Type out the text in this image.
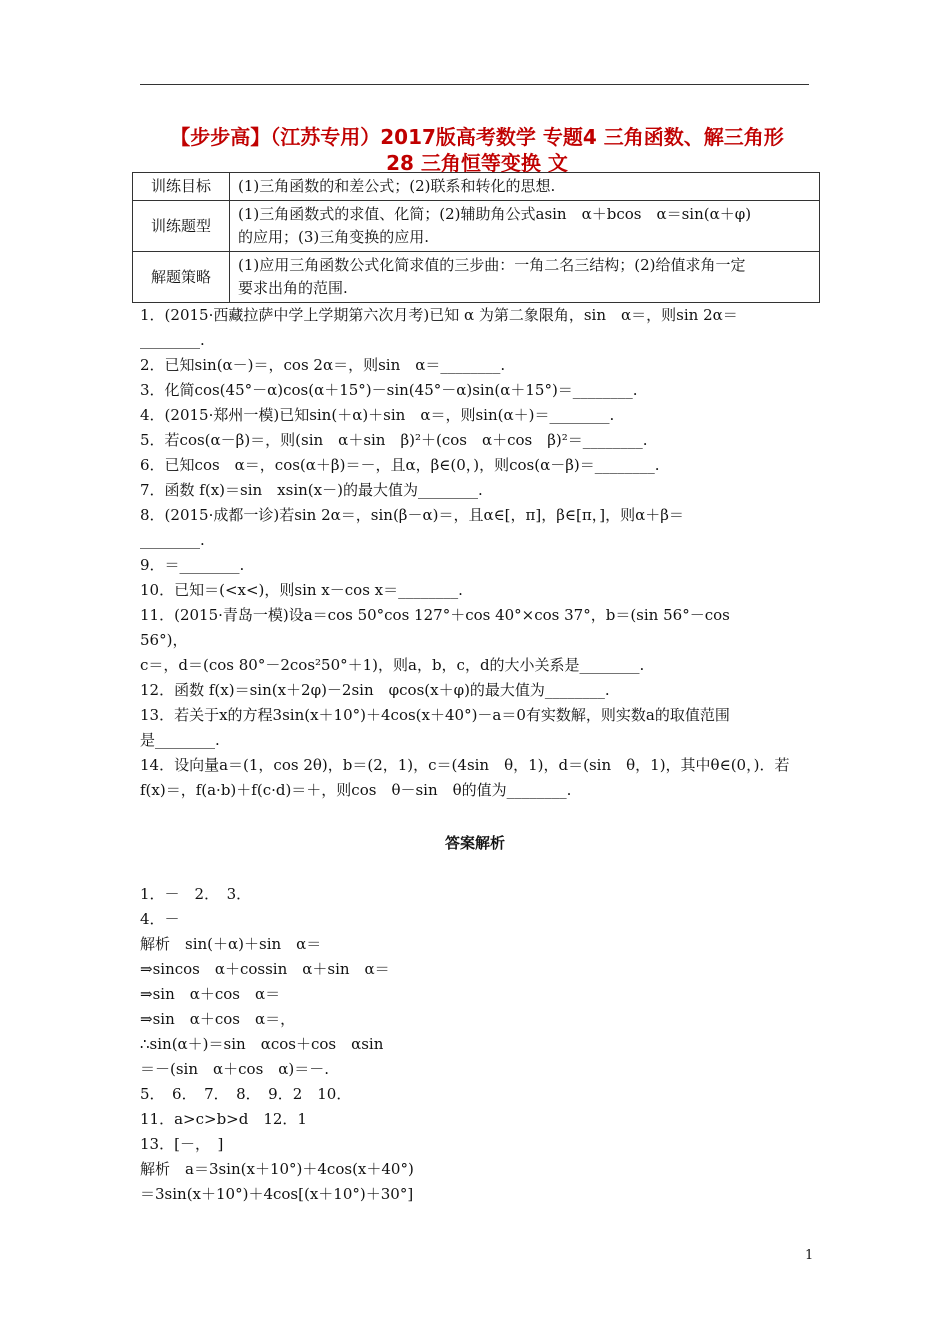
【步步高】（江苏专用）2017版高考数学 专题4 三角函数、解三角形
28 三角恒等变换 文
训练目标	(1)三角函数的和差公式；(2)联系和转化的思想.

训练题型	(1)三角函数式的求值、化简；(2)辅助角公式asin　α＋bcos　α＝sin(α＋φ)
的应用；(3)三角变换的应用.

解题策略	(1)应用三角函数公式化简求值的三步曲：一角二名三结构；(2)给值求角一定
要求出角的范围.
1．(2015·西藏拉萨中学上学期第六次月考)已知 α 为第二象限角，sin　α＝，则sin 2α＝
________.
2．已知sin(α－)＝，cos 2α＝，则sin　α＝________.
3．化简cos(45°－α)cos(α＋15°)－sin(45°－α)sin(α＋15°)＝________.
4．(2015·郑州一模)已知sin(＋α)＋sin　α＝，则sin(α＋)＝________.
5．若cos(α－β)＝，则(sin　α＋sin　β)²＋(cos　α＋cos　β)²＝________.
6．已知cos　α＝，cos(α＋β)＝－，且α，β∈(0，)，则cos(α－β)＝________.
7．函数 f(x)＝sin　xsin(x－)的最大值为________.
8．(2015·成都一诊)若sin 2α＝，sin(β－α)＝，且α∈[，π]，β∈[π，]，则α＋β＝
________.
9．＝________.
10．已知＝(<x<)，则sin x－cos x＝________.
11．(2015·青岛一模)设a＝cos 50°cos 127°＋cos 40°×cos 37°，b＝(sin 56°－cos
56°)，
c＝，d＝(cos 80°－2cos²50°＋1)，则a，b，c，d的大小关系是________.
12．函数 f(x)＝sin(x＋2φ)－2sin　φcos(x＋φ)的最大值为________.
13．若关于x的方程3sin(x＋10°)＋4cos(x＋40°)－a＝0有实数解，则实数a的取值范围
是________.
14．设向量a＝(1，cos 2θ)，b＝(2，1)，c＝(4sin　θ，1)，d＝(sin　θ，1)，其中θ∈(0，)．若
f(x)＝，f(a·b)＋f(c·d)＝＋，则cos　θ－sin　θ的值为________.
答案解析
1．－　2．　3．
4．－
解析　sin(＋α)＋sin　α＝
⇒sincos　α＋cossin　α＋sin　α＝
⇒sin　α＋cos　α＝
⇒sin　α＋cos　α＝，
∴sin(α＋)＝sin　αcos＋cos　αsin
＝－(sin　α＋cos　α)＝－.
5．　6．　7．　8．　9．2　10．
11．a>c>b>d　12．1
13．[－，　]
解析　a＝3sin(x＋10°)＋4cos(x＋40°)
＝3sin(x＋10°)＋4cos[(x＋10°)＋30°]
1
